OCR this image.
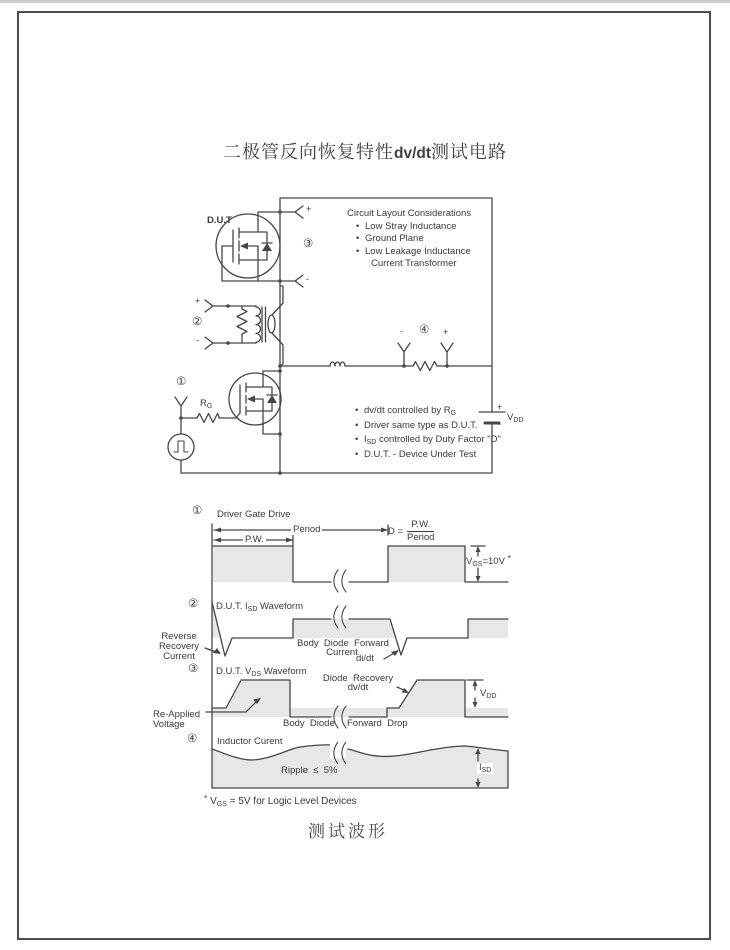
二极管反向恢复特性dv/dt测试电路
D.U.T
+
-
③
Circuit Layout Considerations
• Low Stray Inductance
• Ground Plane
• Low Leakage Inductance
Current Transformer
②
+
-
①
$R_G$
④
-	+
+
-
$V_{DD}$
• dv/dt controlled by $R_G$
• Driver same type as D.U.T.
• $I_{SD}$ controlled by Duty Factor "D"
• D.U.T. - Device Under Test
① Driver Gate Drive
Period
P.W.
D =
P.W.
Period
$V_{GS}=10V$ *
② D.U.T. $I_{SD}$ Waveform
Reverse
Recovery
Current
Body  Diode  Forward
Current
di/dt
③ D.U.T. $V_{DS}$ Waveform
Re-Applied
Voltage
Diode  Recovery
dv/dt
Body  Diode Forward  Drop
$V_{DD}$
④ Inductor Curent
Ripple  ≤  5%	$I_{SD}$
* $V_{GS} = 5V$ for Logic Level Devices
测试波形
